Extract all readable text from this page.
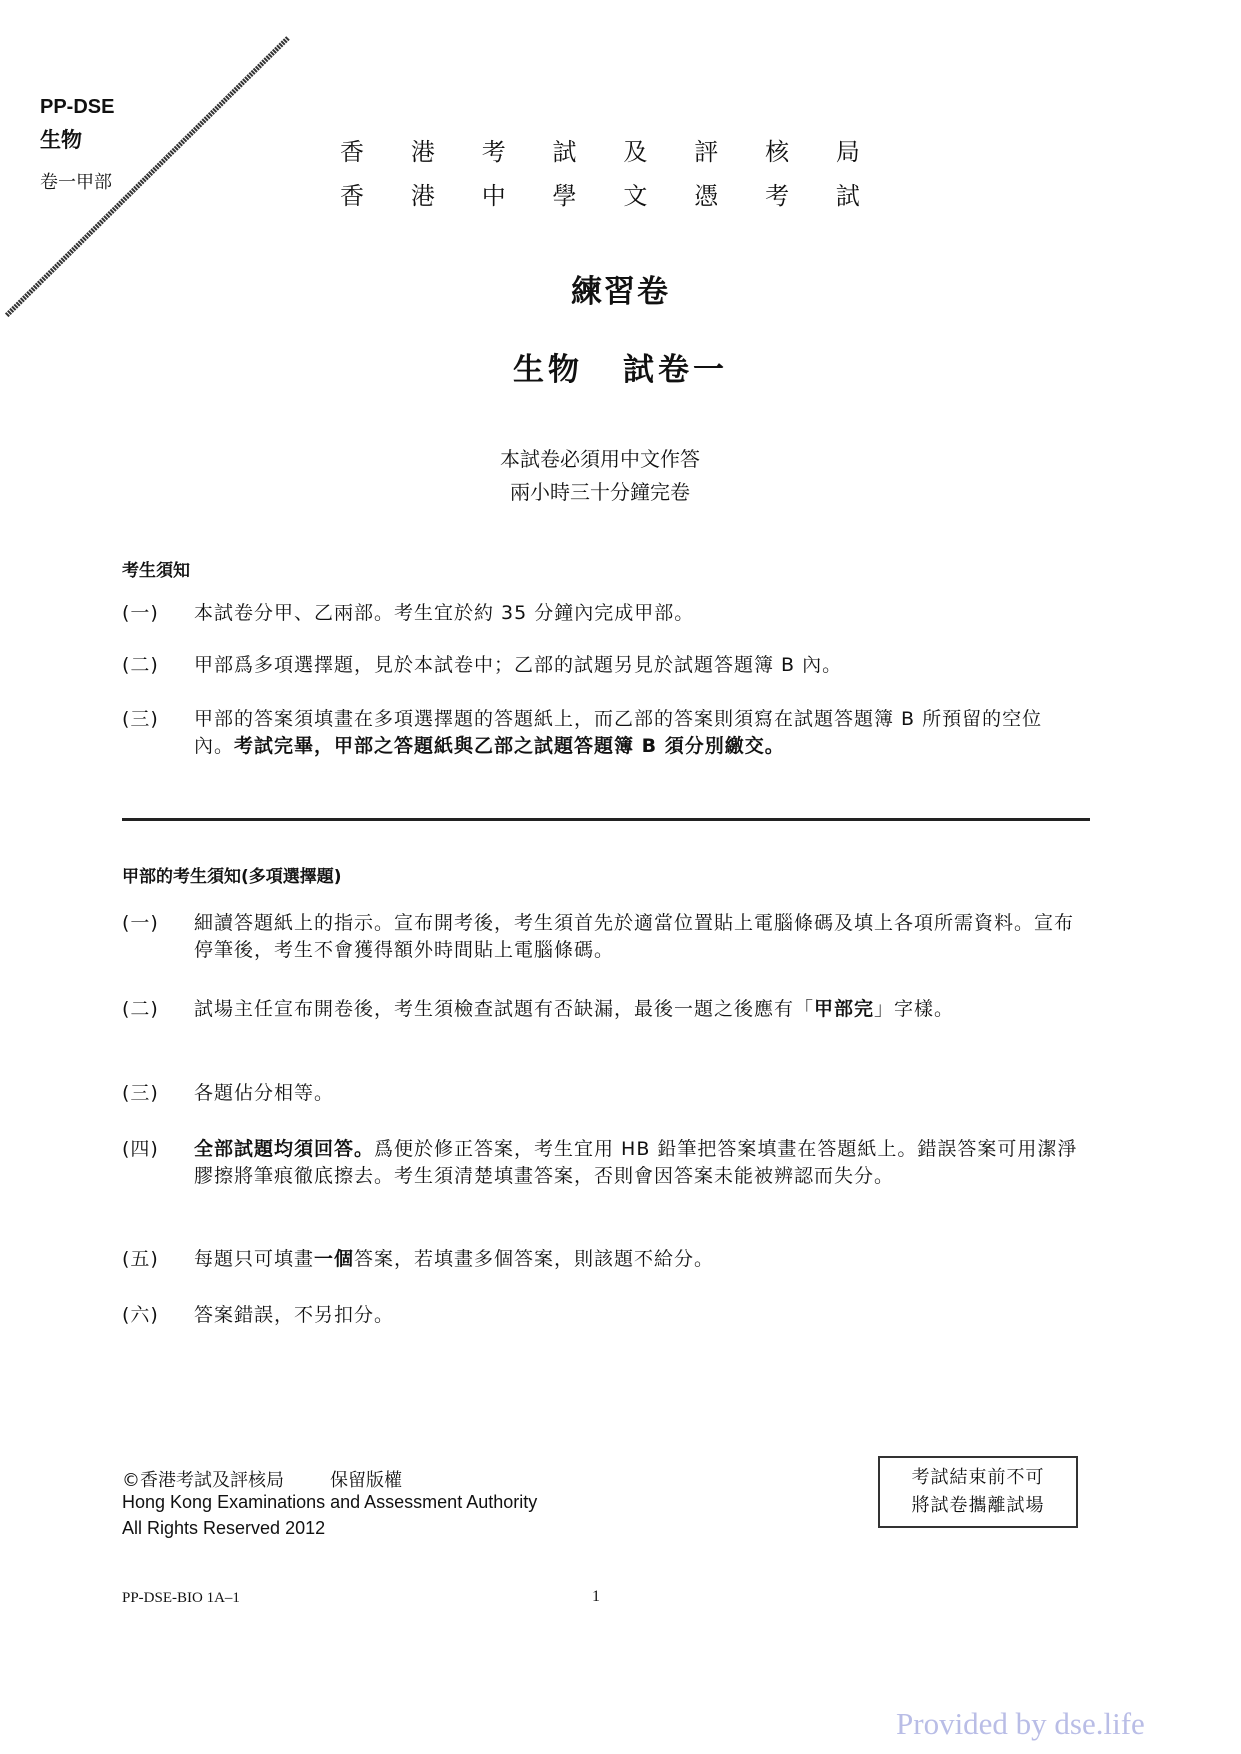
PP-DSE
生物
卷一甲部
香 港 考 試 及 評 核 局
香 港 中 學 文 憑 考 試
練習卷
生物 試卷一
本試卷必須用中文作答
兩小時三十分鐘完卷
考生須知
(一)	本試卷分甲、乙兩部。考生宜於約 35 分鐘內完成甲部。
(二)	甲部爲多項選擇題，見於本試卷中；乙部的試題另見於試題答題簿 B 內。
(三)	甲部的答案須填畫在多項選擇題的答題紙上，而乙部的答案則須寫在試題答題簿 B 所預留的空位內。考試完畢，甲部之答題紙與乙部之試題答題簿 B 須分別繳交。
甲部的考生須知(多項選擇題)
(一)	細讀答題紙上的指示。宣布開考後，考生須首先於適當位置貼上電腦條碼及填上各項所需資料。宣布停筆後，考生不會獲得額外時間貼上電腦條碼。
(二)	試場主任宣布開卷後，考生須檢查試題有否缺漏，最後一題之後應有「甲部完」字樣。
(三)	各題佔分相等。
(四)	全部試題均須回答。爲便於修正答案，考生宜用 HB 鉛筆把答案填畫在答題紙上。錯誤答案可用潔淨膠擦將筆痕徹底擦去。考生須清楚填畫答案，否則會因答案未能被辨認而失分。
(五)	每題只可填畫一個答案，若填畫多個答案，則該題不給分。
(六)	答案錯誤，不另扣分。
©香港考試及評核局	保留版權
Hong Kong Examinations and Assessment Authority
All Rights Reserved 2012
考試結束前不可
將試卷攜離試場
PP-DSE-BIO 1A–1	1
Provided by dse.life
